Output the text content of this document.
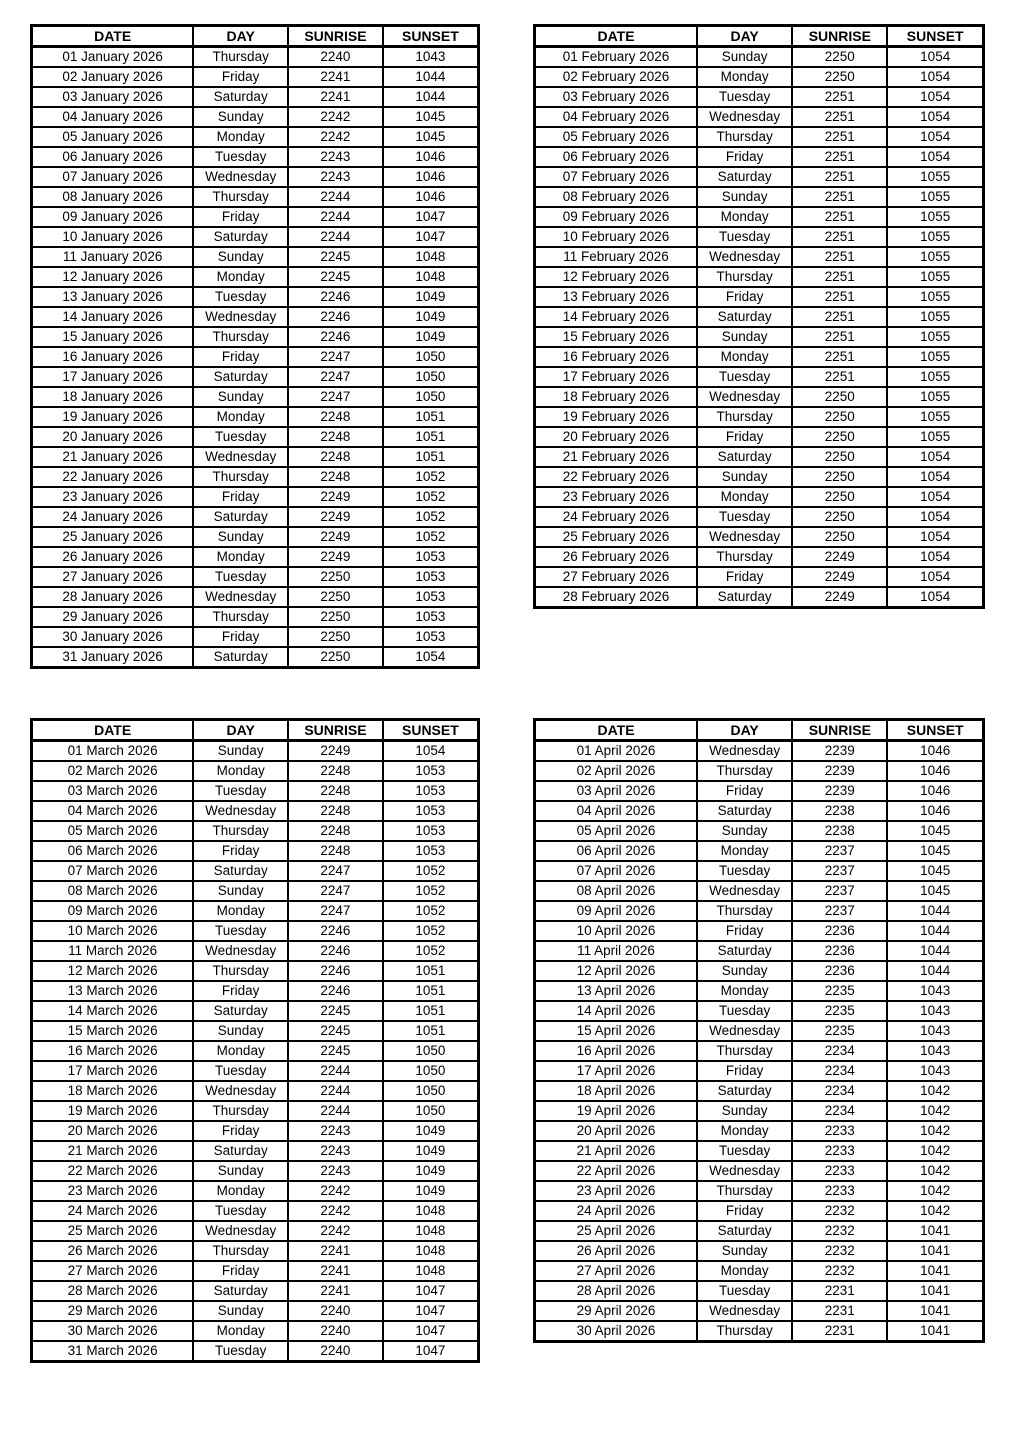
DATE	DAY	SUNRISE	SUNSET
01 January 2026	Thursday	2240	1043
02 January 2026	Friday	2241	1044
03 January 2026	Saturday	2241	1044
04 January 2026	Sunday	2242	1045
05 January 2026	Monday	2242	1045
06 January 2026	Tuesday	2243	1046
07 January 2026	Wednesday	2243	1046
08 January 2026	Thursday	2244	1046
09 January 2026	Friday	2244	1047
10 January 2026	Saturday	2244	1047
11 January 2026	Sunday	2245	1048
12 January 2026	Monday	2245	1048
13 January 2026	Tuesday	2246	1049
14 January 2026	Wednesday	2246	1049
15 January 2026	Thursday	2246	1049
16 January 2026	Friday	2247	1050
17 January 2026	Saturday	2247	1050
18 January 2026	Sunday	2247	1050
19 January 2026	Monday	2248	1051
20 January 2026	Tuesday	2248	1051
21 January 2026	Wednesday	2248	1051
22 January 2026	Thursday	2248	1052
23 January 2026	Friday	2249	1052
24 January 2026	Saturday	2249	1052
25 January 2026	Sunday	2249	1052
26 January 2026	Monday	2249	1053
27 January 2026	Tuesday	2250	1053
28 January 2026	Wednesday	2250	1053
29 January 2026	Thursday	2250	1053
30 January 2026	Friday	2250	1053
31 January 2026	Saturday	2250	1054
DATE	DAY	SUNRISE	SUNSET
01 February 2026	Sunday	2250	1054
02 February 2026	Monday	2250	1054
03 February 2026	Tuesday	2251	1054
04 February 2026	Wednesday	2251	1054
05 February 2026	Thursday	2251	1054
06 February 2026	Friday	2251	1054
07 February 2026	Saturday	2251	1055
08 February 2026	Sunday	2251	1055
09 February 2026	Monday	2251	1055
10 February 2026	Tuesday	2251	1055
11 February 2026	Wednesday	2251	1055
12 February 2026	Thursday	2251	1055
13 February 2026	Friday	2251	1055
14 February 2026	Saturday	2251	1055
15 February 2026	Sunday	2251	1055
16 February 2026	Monday	2251	1055
17 February 2026	Tuesday	2251	1055
18 February 2026	Wednesday	2250	1055
19 February 2026	Thursday	2250	1055
20 February 2026	Friday	2250	1055
21 February 2026	Saturday	2250	1054
22 February 2026	Sunday	2250	1054
23 February 2026	Monday	2250	1054
24 February 2026	Tuesday	2250	1054
25 February 2026	Wednesday	2250	1054
26 February 2026	Thursday	2249	1054
27 February 2026	Friday	2249	1054
28 February 2026	Saturday	2249	1054
DATE	DAY	SUNRISE	SUNSET
01 March 2026	Sunday	2249	1054
02 March 2026	Monday	2248	1053
03 March 2026	Tuesday	2248	1053
04 March 2026	Wednesday	2248	1053
05 March 2026	Thursday	2248	1053
06 March 2026	Friday	2248	1053
07 March 2026	Saturday	2247	1052
08 March 2026	Sunday	2247	1052
09 March 2026	Monday	2247	1052
10 March 2026	Tuesday	2246	1052
11 March 2026	Wednesday	2246	1052
12 March 2026	Thursday	2246	1051
13 March 2026	Friday	2246	1051
14 March 2026	Saturday	2245	1051
15 March 2026	Sunday	2245	1051
16 March 2026	Monday	2245	1050
17 March 2026	Tuesday	2244	1050
18 March 2026	Wednesday	2244	1050
19 March 2026	Thursday	2244	1050
20 March 2026	Friday	2243	1049
21 March 2026	Saturday	2243	1049
22 March 2026	Sunday	2243	1049
23 March 2026	Monday	2242	1049
24 March 2026	Tuesday	2242	1048
25 March 2026	Wednesday	2242	1048
26 March 2026	Thursday	2241	1048
27 March 2026	Friday	2241	1048
28 March 2026	Saturday	2241	1047
29 March 2026	Sunday	2240	1047
30 March 2026	Monday	2240	1047
31 March 2026	Tuesday	2240	1047
DATE	DAY	SUNRISE	SUNSET
01 April 2026	Wednesday	2239	1046
02 April 2026	Thursday	2239	1046
03 April 2026	Friday	2239	1046
04 April 2026	Saturday	2238	1046
05 April 2026	Sunday	2238	1045
06 April 2026	Monday	2237	1045
07 April 2026	Tuesday	2237	1045
08 April 2026	Wednesday	2237	1045
09 April 2026	Thursday	2237	1044
10 April 2026	Friday	2236	1044
11 April 2026	Saturday	2236	1044
12 April 2026	Sunday	2236	1044
13 April 2026	Monday	2235	1043
14 April 2026	Tuesday	2235	1043
15 April 2026	Wednesday	2235	1043
16 April 2026	Thursday	2234	1043
17 April 2026	Friday	2234	1043
18 April 2026	Saturday	2234	1042
19 April 2026	Sunday	2234	1042
20 April 2026	Monday	2233	1042
21 April 2026	Tuesday	2233	1042
22 April 2026	Wednesday	2233	1042
23 April 2026	Thursday	2233	1042
24 April 2026	Friday	2232	1042
25 April 2026	Saturday	2232	1041
26 April 2026	Sunday	2232	1041
27 April 2026	Monday	2232	1041
28 April 2026	Tuesday	2231	1041
29 April 2026	Wednesday	2231	1041
30 April 2026	Thursday	2231	1041
